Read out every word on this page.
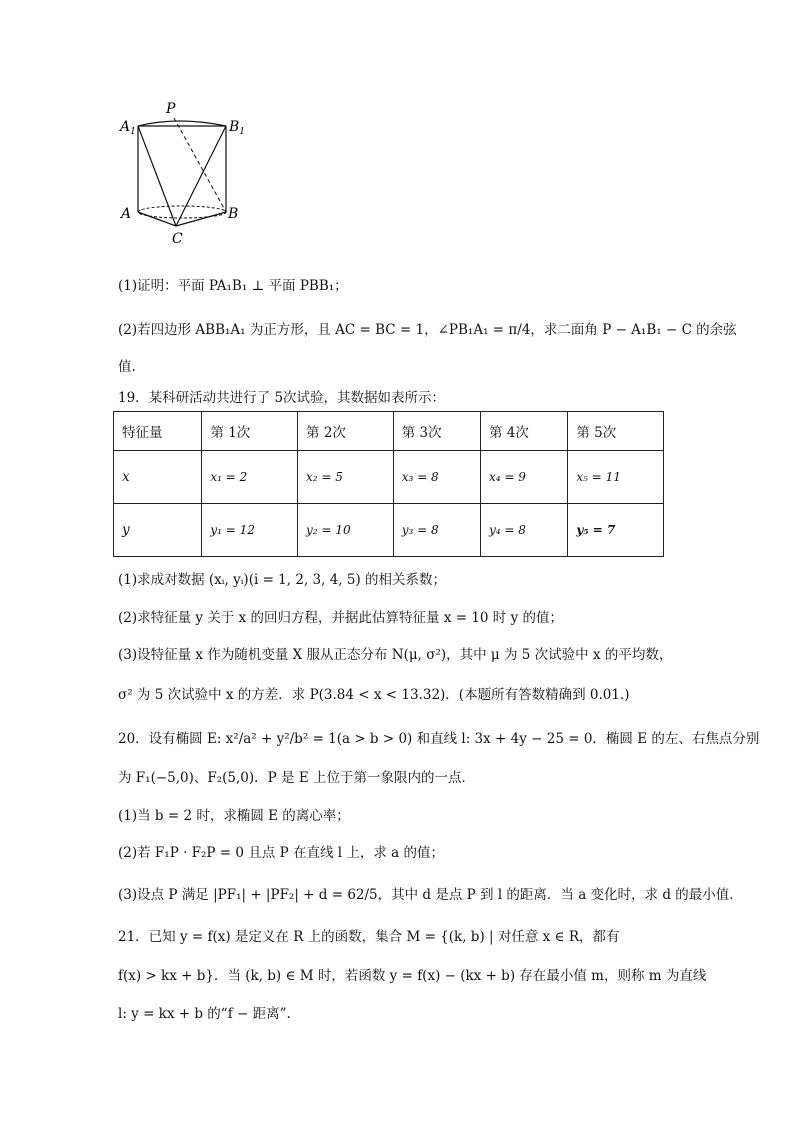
$A_1$
P
$B_1$
A	B
C
(1)证明：平面 PA₁B₁ ⊥ 平面 PBB₁；
(2)若四边形 ABB₁A₁ 为正方形，且 AC = BC = 1，∠PB₁A₁ = π/4，求二面角 P − A₁B₁ − C 的余弦
值.
19．某科研活动共进行了 5次试验，其数据如表所示：
特征量	第 1次	第 2次	第 3次	第 4次	第 5次
x	x₁ = 2	x₂ = 5	x₃ = 8	x₄ = 9	x₅ = 11
y	y₁ = 12	y₂ = 10	y₃ = 8	y₄ = 8	y₅ = 7
(1)求成对数据 (xᵢ, yᵢ)(i = 1, 2, 3, 4, 5) 的相关系数；
(2)求特征量 y 关于 x 的回归方程，并据此估算特征量 x = 10 时 y 的值；
(3)设特征量 x 作为随机变量 X 服从正态分布 N(μ, σ²)，其中 μ 为 5 次试验中 x 的平均数，
σ² 为 5 次试验中 x 的方差．求 P(3.84 < x < 13.32)．(本题所有答数精确到 0.01.)
20．设有椭圆 E: x²/a² + y²/b² = 1(a > b > 0) 和直线 l: 3x + 4y − 25 = 0．椭圆 E 的左、右焦点分别
为 F₁(−5,0)、F₂(5,0)．P 是 E 上位于第一象限内的一点．
(1)当 b = 2 时，求椭圆 E 的离心率；
(2)若 F₁P · F₂P = 0 且点 P 在直线 l 上，求 a 的值；
(3)设点 P 满足 |PF₁| + |PF₂| + d = 62/5，其中 d 是点 P 到 l 的距离．当 a 变化时，求 d 的最小值．
21．已知 y = f(x) 是定义在 R 上的函数，集合 M = {(k, b) | 对任意 x ∈ R，都有
f(x) > kx + b}．当 (k, b) ∈ M 时，若函数 y = f(x) − (kx + b) 存在最小值 m，则称 m 为直线
l: y = kx + b 的“f − 距离”.
